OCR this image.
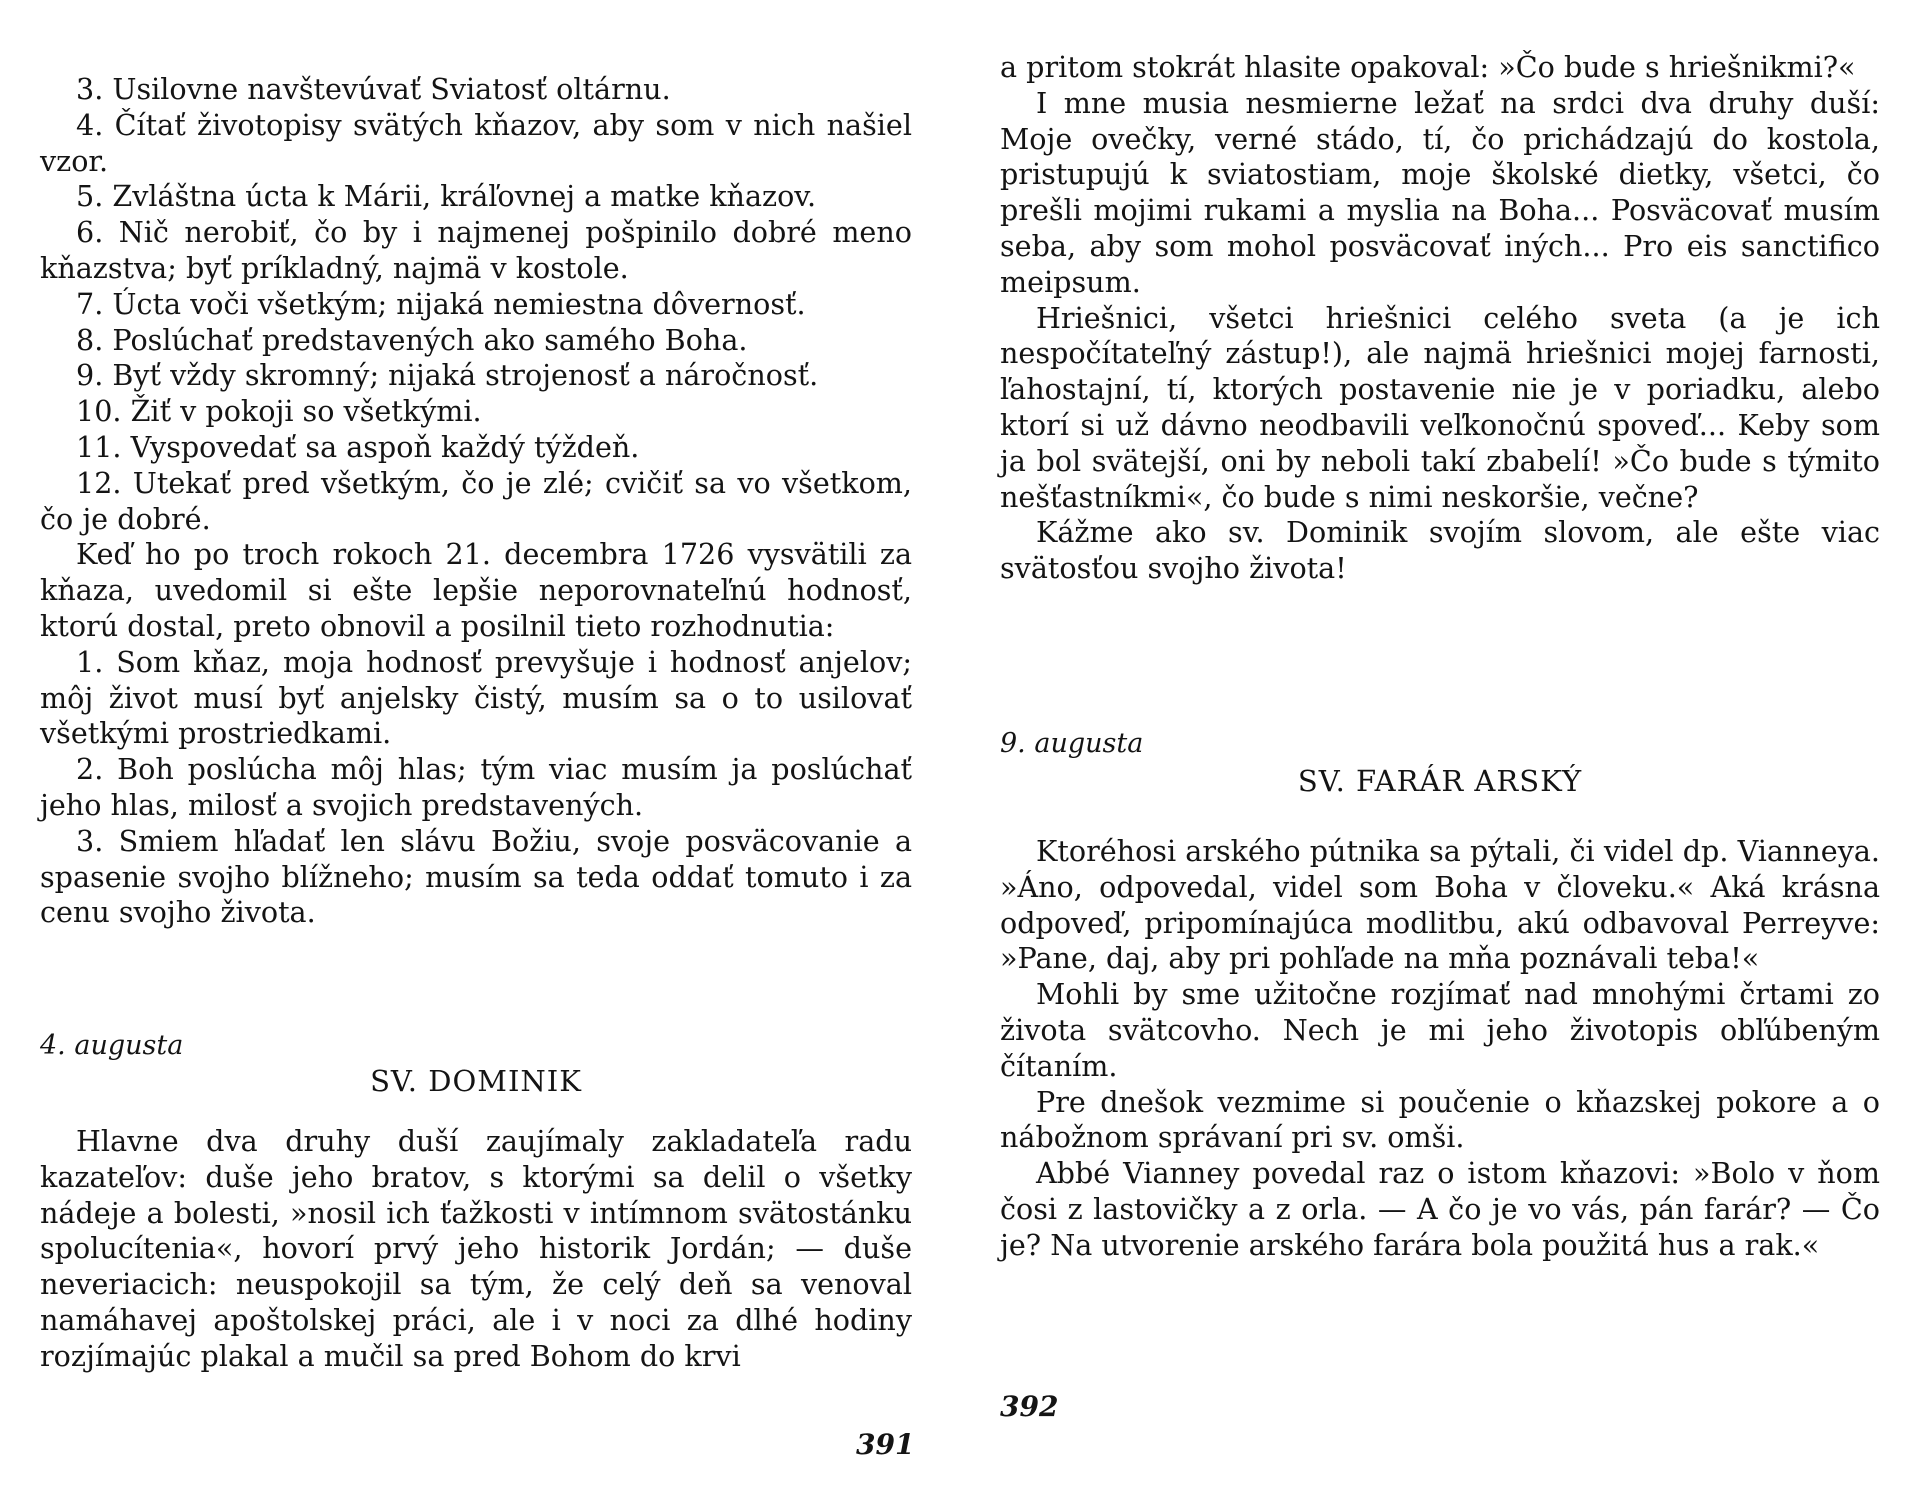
3. Usilovne navštevúvať Sviatosť oltárnu.

4. Čítať životopisy svätých kňazov, aby som v nich našiel vzor.

5. Zvláštna úcta k Márii, kráľovnej a matke kňazov.

6. Nič nerobiť, čo by i najmenej pošpinilo dobré meno kňazstva; byť príkladný, najmä v kostole.

7. Úcta voči všetkým; nijaká nemiestna dôvernosť.

8. Poslúchať predstavených ako samého Boha.

9. Byť vždy skromný; nijaká strojenosť a náročnosť.

10. Žiť v pokoji so všetkými.

11. Vyspovedať sa aspoň každý týždeň.

12. Utekať pred všetkým, čo je zlé; cvičiť sa vo všetkom, čo je dobré.

Keď ho po troch rokoch 21. decembra 1726 vysvätili za kňaza, uvedomil si ešte lepšie neporovnateľnú hodnosť, ktorú dostal, preto obnovil a posilnil tieto rozhodnutia:

1. Som kňaz, moja hodnosť prevyšuje i hodnosť anjelov; môj život musí byť anjelsky čistý, musím sa o to usilovať všetkými prostriedkami.

2. Boh poslúcha môj hlas; tým viac musím ja poslúchať jeho hlas, milosť a svojich predstavených.

3. Smiem hľadať len slávu Božiu, svoje posväcovanie a spasenie svojho blížneho; musím sa teda oddať tomuto i za cenu svojho života.

4. augusta

SV. DOMINIK

Hlavne dva druhy duší zaujímaly zakladateľa radu kazateľov: duše jeho bratov, s ktorými sa delil o všetky nádeje a bolesti, »nosil ich ťažkosti v intímnom svätostánku spolucítenia«, hovorí prvý jeho historik Jordán; — duše neveriacich: neuspokojil sa tým, že celý deň sa venoval namáhavej apoštolskej práci, ale i v noci za dlhé hodiny rozjímajúc plakal a mučil sa pred Bohom do krvi

391

a pritom stokrát hlasite opakoval: »Čo bude s hriešnikmi?«

I mne musia nesmierne ležať na srdci dva druhy duší: Moje ovečky, verné stádo, tí, čo prichádzajú do kostola, pristupujú k sviatostiam, moje školské dietky, všetci, čo prešli mojimi rukami a myslia na Boha... Posväcovať musím seba, aby som mohol posväcovať iných... Pro eis sanctifico meipsum.

Hriešnici, všetci hriešnici celého sveta (a je ich nespočítateľný zástup!), ale najmä hriešnici mojej farnosti, ľahostajní, tí, ktorých postavenie nie je v poriadku, alebo ktorí si už dávno neodbavili veľkonočnú spoveď... Keby som ja bol svätejší, oni by neboli takí zbabelí! »Čo bude s týmito nešťastníkmi«, čo bude s nimi neskoršie, večne?

Kážme ako sv. Dominik svojím slovom, ale ešte viac svätosťou svojho života!

9. augusta

SV. FARÁR ARSKÝ

Ktoréhosi arského pútnika sa pýtali, či videl dp. Vianneya. »Áno, odpovedal, videl som Boha v človeku.« Aká krásna odpoveď, pripomínajúca modlitbu, akú odbavoval Perreyve: »Pane, daj, aby pri pohľade na mňa poznávali teba!«

Mohli by sme užitočne rozjímať nad mnohými črtami zo života svätcovho. Nech je mi jeho životopis obľúbeným čítaním.

Pre dnešok vezmime si poučenie o kňazskej pokore a o nábožnom správaní pri sv. omši.

Abbé Vianney povedal raz o istom kňazovi: »Bolo v ňom čosi z lastovičky a z orla. — A čo je vo vás, pán farár? — Čo je? Na utvorenie arského farára bola použitá hus a rak.«

392
